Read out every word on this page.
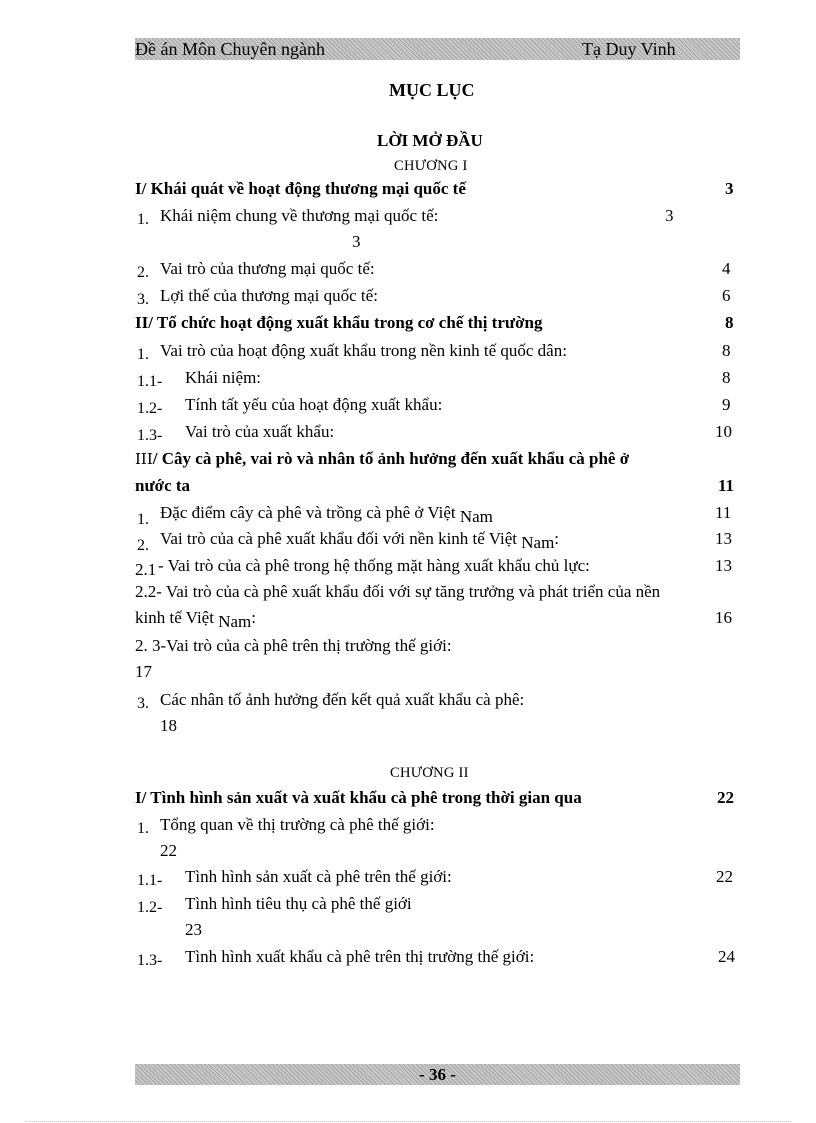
Đề án Môn Chuyên ngành	Tạ Duy Vinh
MỤC LỤC
LỜI MỞ ĐẦU
CHƯƠNG I
I/ Khái quát về hoạt động thương mại quốc tế	3
1. Khái niệm chung về thương mại quốc tế:	3
3
2. Vai trò của thương mại quốc tế:	4
3. Lợi thế của thương mại quốc tế:	6
II/ Tổ chức hoạt động xuất khẩu trong cơ chế thị trường	8
1. Vai trò của hoạt động xuất khẩu trong nền kinh tế quốc dân:	8
1.1- Khái niệm:	8
1.2- Tính tất yếu của hoạt động xuất khẩu:	9
1.3- Vai trò của xuất khẩu:	10
III/ Cây cà phê, vai rò và nhân tố ảnh hưởng đến xuất khẩu cà phê ở
nước ta	11
1. Đặc điểm cây cà phê và trồng cà phê ở Việt Nam	11
2. Vai trò của cà phê xuất khẩu đối với nền kinh tế Việt Nam:	13
2.1 - Vai trò của cà phê trong hệ thống mặt hàng xuất khẩu chủ lực:	13
2.2- Vai trò của cà phê xuất khẩu đối với sự tăng trưởng và phát triển của nền
kinh tế Việt Nam:	16
2. 3-Vai trò của cà phê trên thị trường thế giới:
17
3. Các nhân tố ảnh hưởng đến kết quả xuất khẩu cà phê:
18
CHƯƠNG II
I/ Tình hình sản xuất và xuất khẩu cà phê trong thời gian qua	22
1. Tổng quan về thị trường cà phê thế giới:
22
1.1- Tình hình sản xuất cà phê trên thế giới:	22
1.2- Tình hình tiêu thụ cà phê thế giới
23
1.3- Tình hình xuất khẩu cà phê trên thị trường thế giới:	24
- 36 -
